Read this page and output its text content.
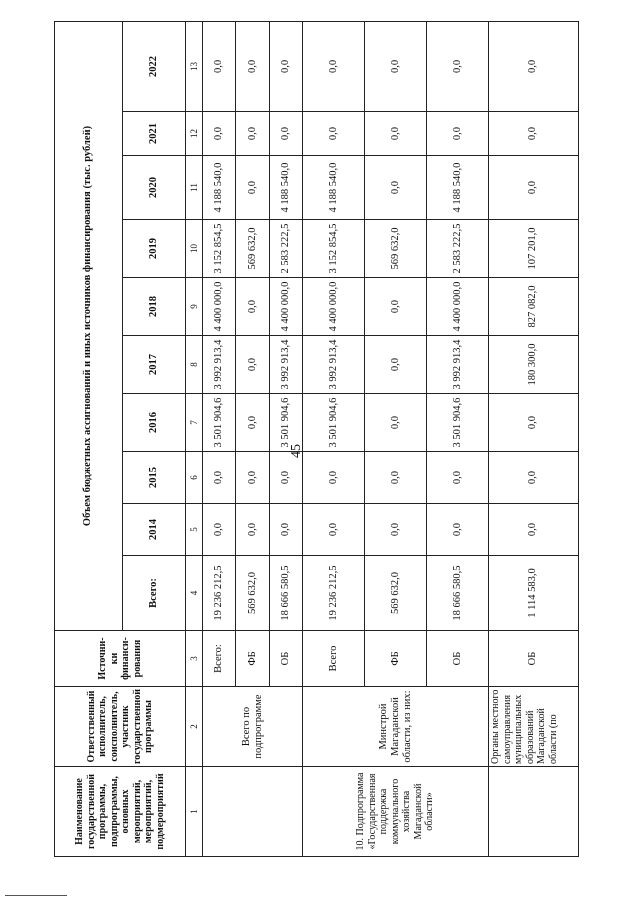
45
Наименование государственной программы, подпрограммы, основных мероприятий, мероприятий, подмероприятий	Ответственный исполнитель, соисполнитель, участник государственной программы	Источни-ки финанси-рования	Объем бюджетных ассигнований и иных источников финансирования (тыс. рублей)									
			Всего:	2014	2015	2016	2017	2018	2019	2020	2021	2022
1	2	3	4	5	6	7	8	9	10	11	12	13
	Всего по подпрограмме	Всего:	19 236 212,5	0,0	0,0	3 501 904,6	3 992 913,4	4 400 000,0	3 152 854,5	4 188 540,0	0,0	0,0
		ФБ	569 632,0	0,0	0,0	0,0	0,0	0,0	569 632,0	0,0	0,0	0,0
		ОБ	18 666 580,5	0,0	0,0	3 501 904,6	3 992 913,4	4 400 000,0	2 583 222,5	4 188 540,0	0,0	0,0
10. Подпрограмма «Государственная поддержка коммунального хозяйства Магаданской области»	Минстрой Магаданской области, из них:	Всего	19 236 212,5	0,0	0,0	3 501 904,6	3 992 913,4	4 400 000,0	3 152 854,5	4 188 540,0	0,0	0,0
		ФБ	569 632,0	0,0	0,0	0,0	0,0	0,0	569 632,0	0,0	0,0	0,0
		ОБ	18 666 580,5	0,0	0,0	3 501 904,6	3 992 913,4	4 400 000,0	2 583 222,5	4 188 540,0	0,0	0,0
	Органы местного самоуправления муниципальных образований Магаданской области (по	ОБ	1 114 583,0	0,0	0,0	0,0	180 300,0	827 082,0	107 201,0	0,0	0,0	0,0
